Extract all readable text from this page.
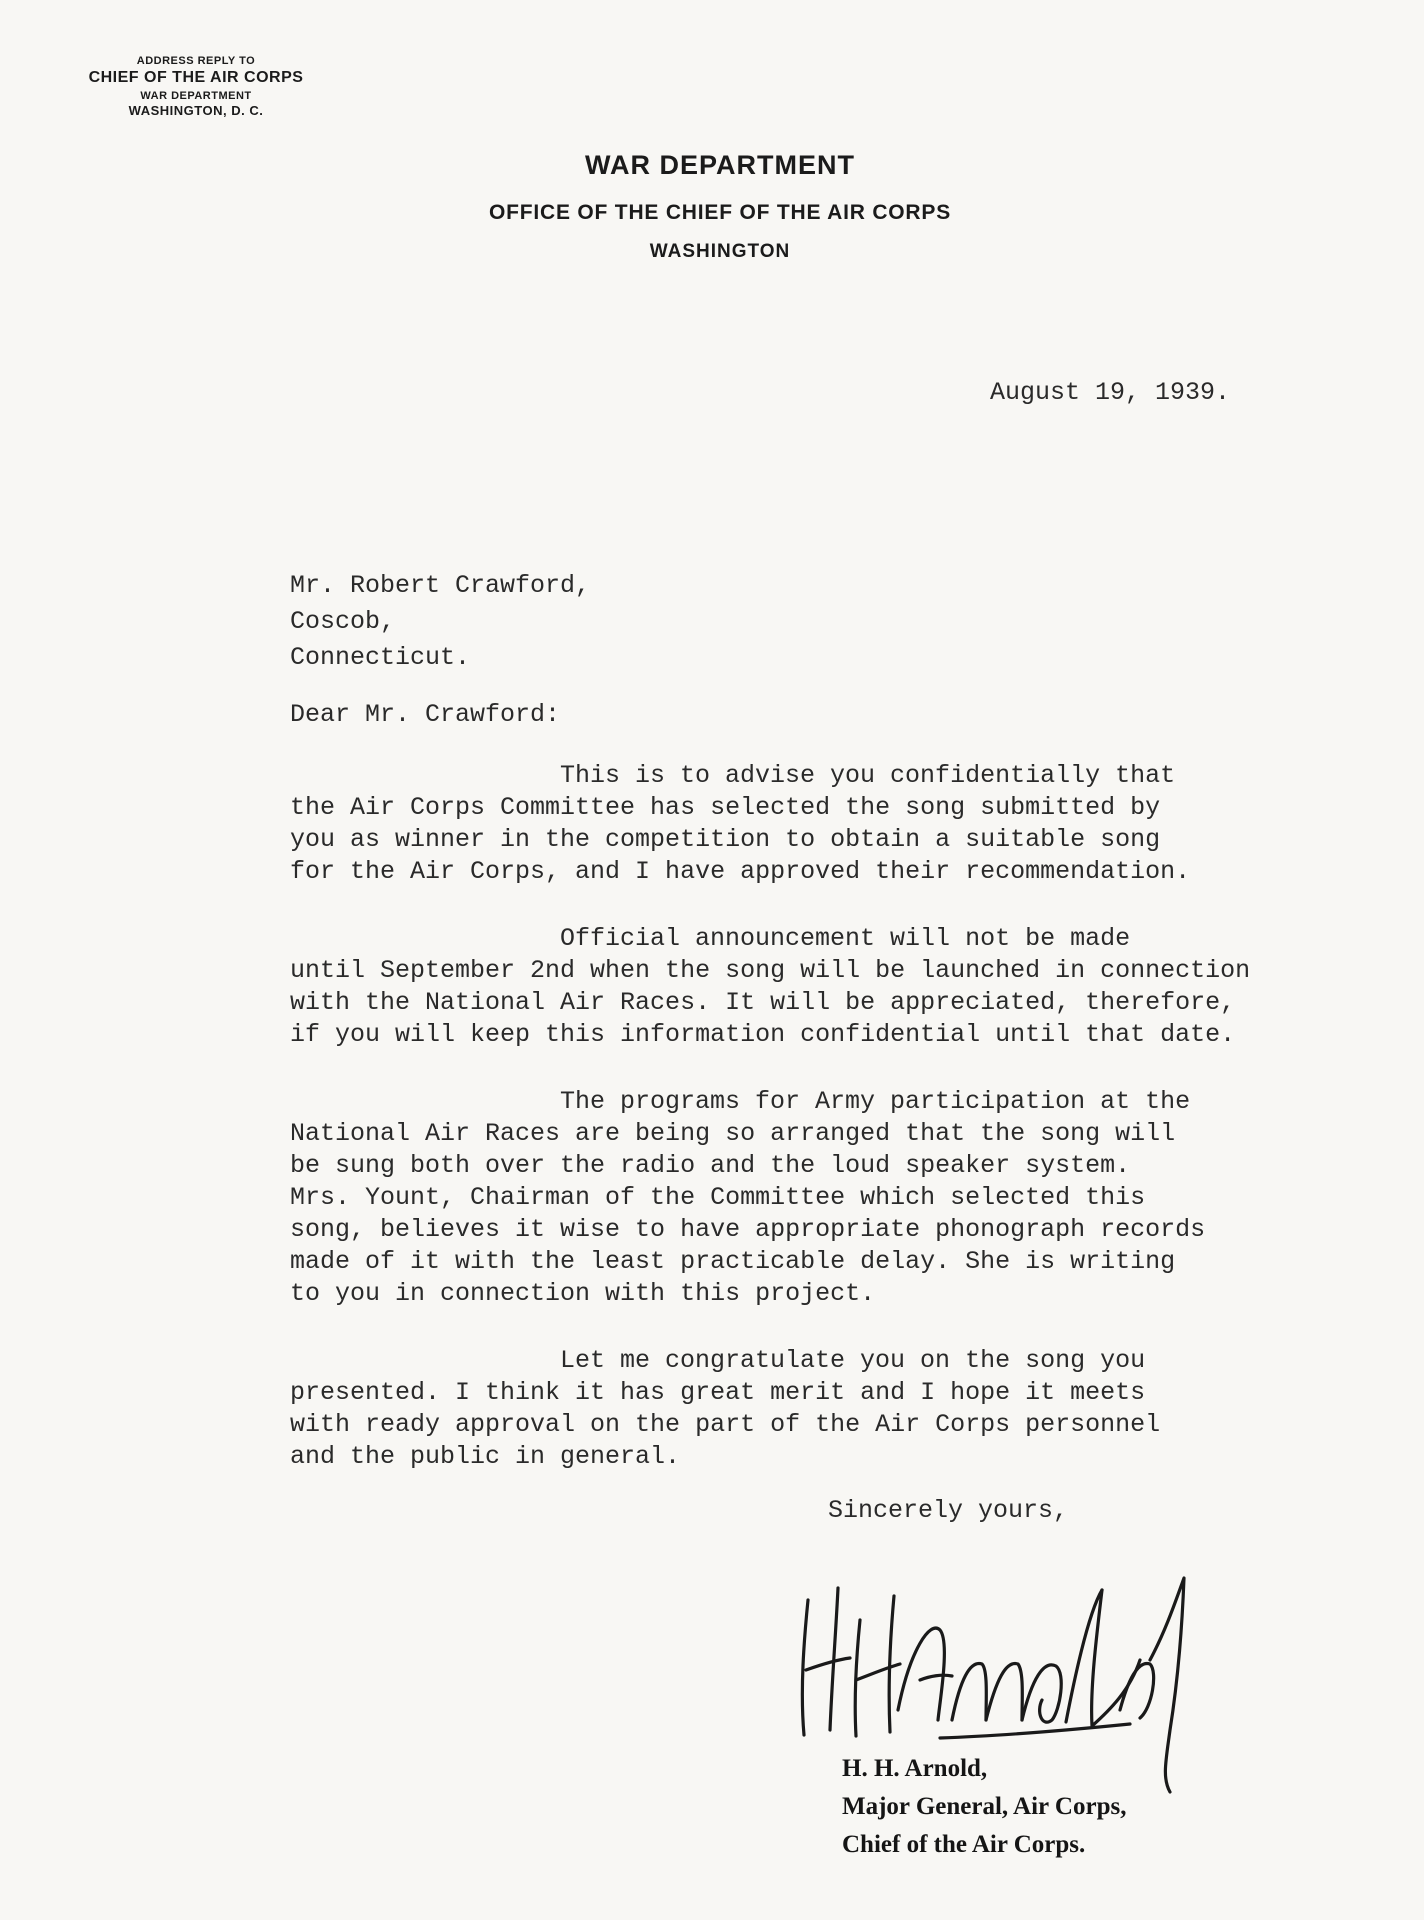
ADDRESS REPLY TO
CHIEF OF THE AIR CORPS
WAR DEPARTMENT
WASHINGTON, D. C.
WAR DEPARTMENT
OFFICE OF THE CHIEF OF THE AIR CORPS
WASHINGTON
August 19, 1939.
Mr. Robert Crawford,
Coscob,
Connecticut.
Dear Mr. Crawford:
This is to advise you confidentially that
the Air Corps Committee has selected the song submitted by
you as winner in the competition to obtain a suitable song
for the Air Corps, and I have approved their recommendation.
Official announcement will not be made
until September 2nd when the song will be launched in connection
with the National Air Races. It will be appreciated, therefore,
if you will keep this information confidential until that date.
The programs for Army participation at the
National Air Races are being so arranged that the song will
be sung both over the radio and the loud speaker system.
Mrs. Yount, Chairman of the Committee which selected this
song, believes it wise to have appropriate phonograph records
made of it with the least practicable delay. She is writing
to you in connection with this project.
Let me congratulate you on the song you
presented. I think it has great merit and I hope it meets
with ready approval on the part of the Air Corps personnel
and the public in general.
Sincerely yours,
H. H. Arnold,
Major General, Air Corps,
Chief of the Air Corps.
